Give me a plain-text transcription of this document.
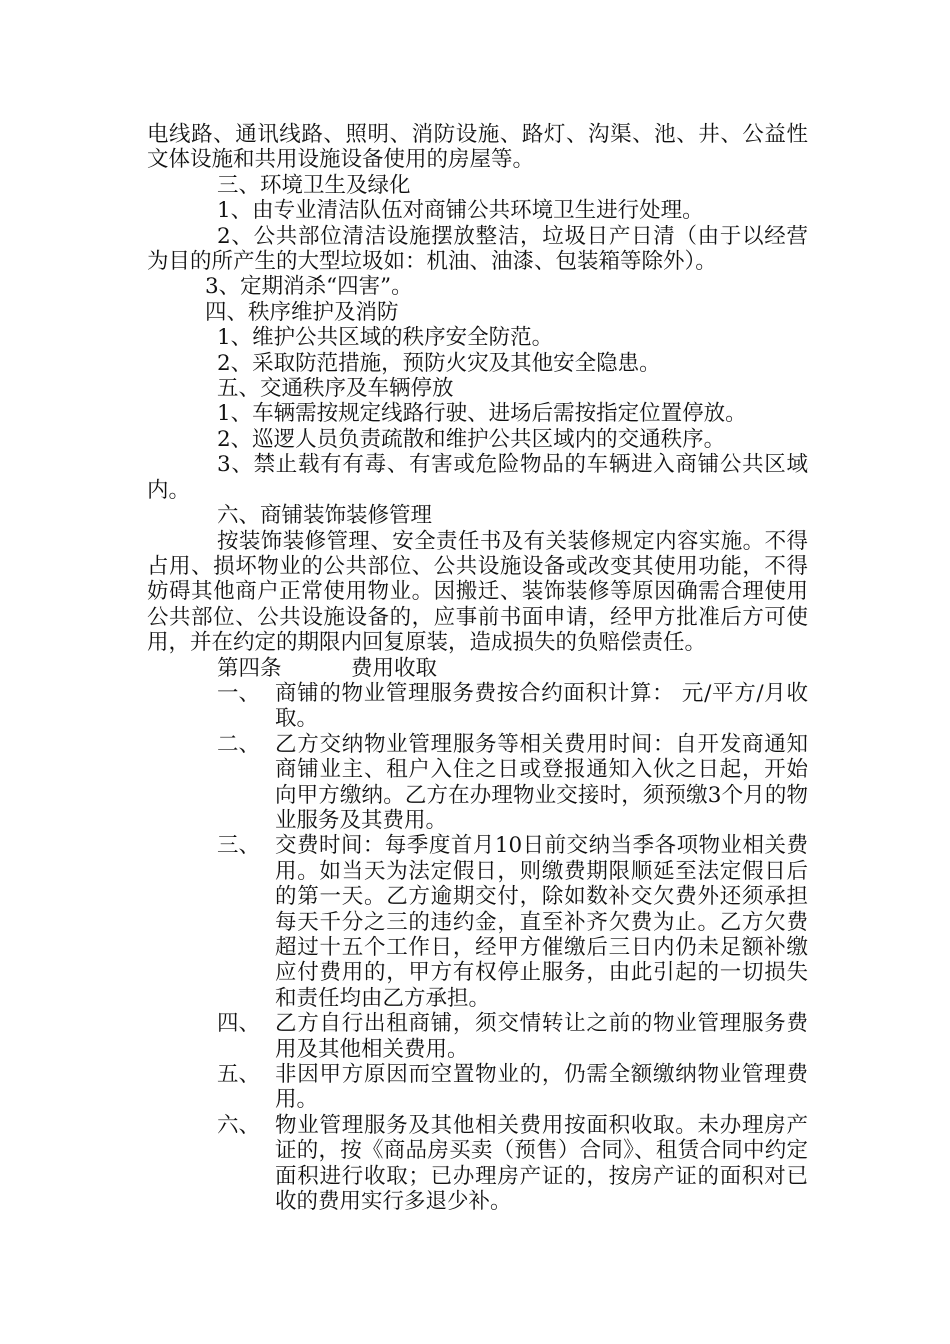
电线路、通讯线路、照明、消防设施、路灯、沟渠、池、井、公益性文体设施和共用设施设备使用的房屋等。

三、环境卫生及绿化

1、由专业清洁队伍对商铺公共环境卫生进行处理。

2、公共部位清洁设施摆放整洁，垃圾日产日清（由于以经营为目的所产生的大型垃圾如：机油、油漆、包装箱等除外）。

3、定期消杀“四害”。

四、秩序维护及消防

1、维护公共区域的秩序安全防范。

2、采取防范措施，预防火灾及其他安全隐患。

五、交通秩序及车辆停放

1、车辆需按规定线路行驶、进场后需按指定位置停放。

2、巡逻人员负责疏散和维护公共区域内的交通秩序。

3、禁止载有有毒、有害或危险物品的车辆进入商铺公共区域内。

六、商铺装饰装修管理

按装饰装修管理、安全责任书及有关装修规定内容实施。不得占用、损坏物业的公共部位、公共设施设备或改变其使用功能，不得妨碍其他商户正常使用物业。因搬迁、装饰装修等原因确需合理使用公共部位、公共设施设备的，应事前书面申请，经甲方批准后方可使用，并在约定的期限内回复原装，造成损失的负赔偿责任。

第四条	费用收取
一、 商铺的物业管理服务费按合约面积计算： 元/平方/月收取。
二、 乙方交纳物业管理服务等相关费用时间：自开发商通知商铺业主、租户入住之日或登报通知入伙之日起，开始向甲方缴纳。乙方在办理物业交接时，须预缴3个月的物业服务及其费用。
三、 交费时间：每季度首月10日前交纳当季各项物业相关费用。如当天为法定假日，则缴费期限顺延至法定假日后的第一天。乙方逾期交付，除如数补交欠费外还须承担每天千分之三的违约金，直至补齐欠费为止。乙方欠费超过十五个工作日，经甲方催缴后三日内仍未足额补缴应付费用的，甲方有权停止服务，由此引起的一切损失和责任均由乙方承担。
四、 乙方自行出租商铺，须交情转让之前的物业管理服务费用及其他相关费用。
五、 非因甲方原因而空置物业的，仍需全额缴纳物业管理费用。
六、 物业管理服务及其他相关费用按面积收取。未办理房产证的，按《商品房买卖（预售）合同》、租赁合同中约定面积进行收取；已办理房产证的，按房产证的面积对已收的费用实行多退少补。
